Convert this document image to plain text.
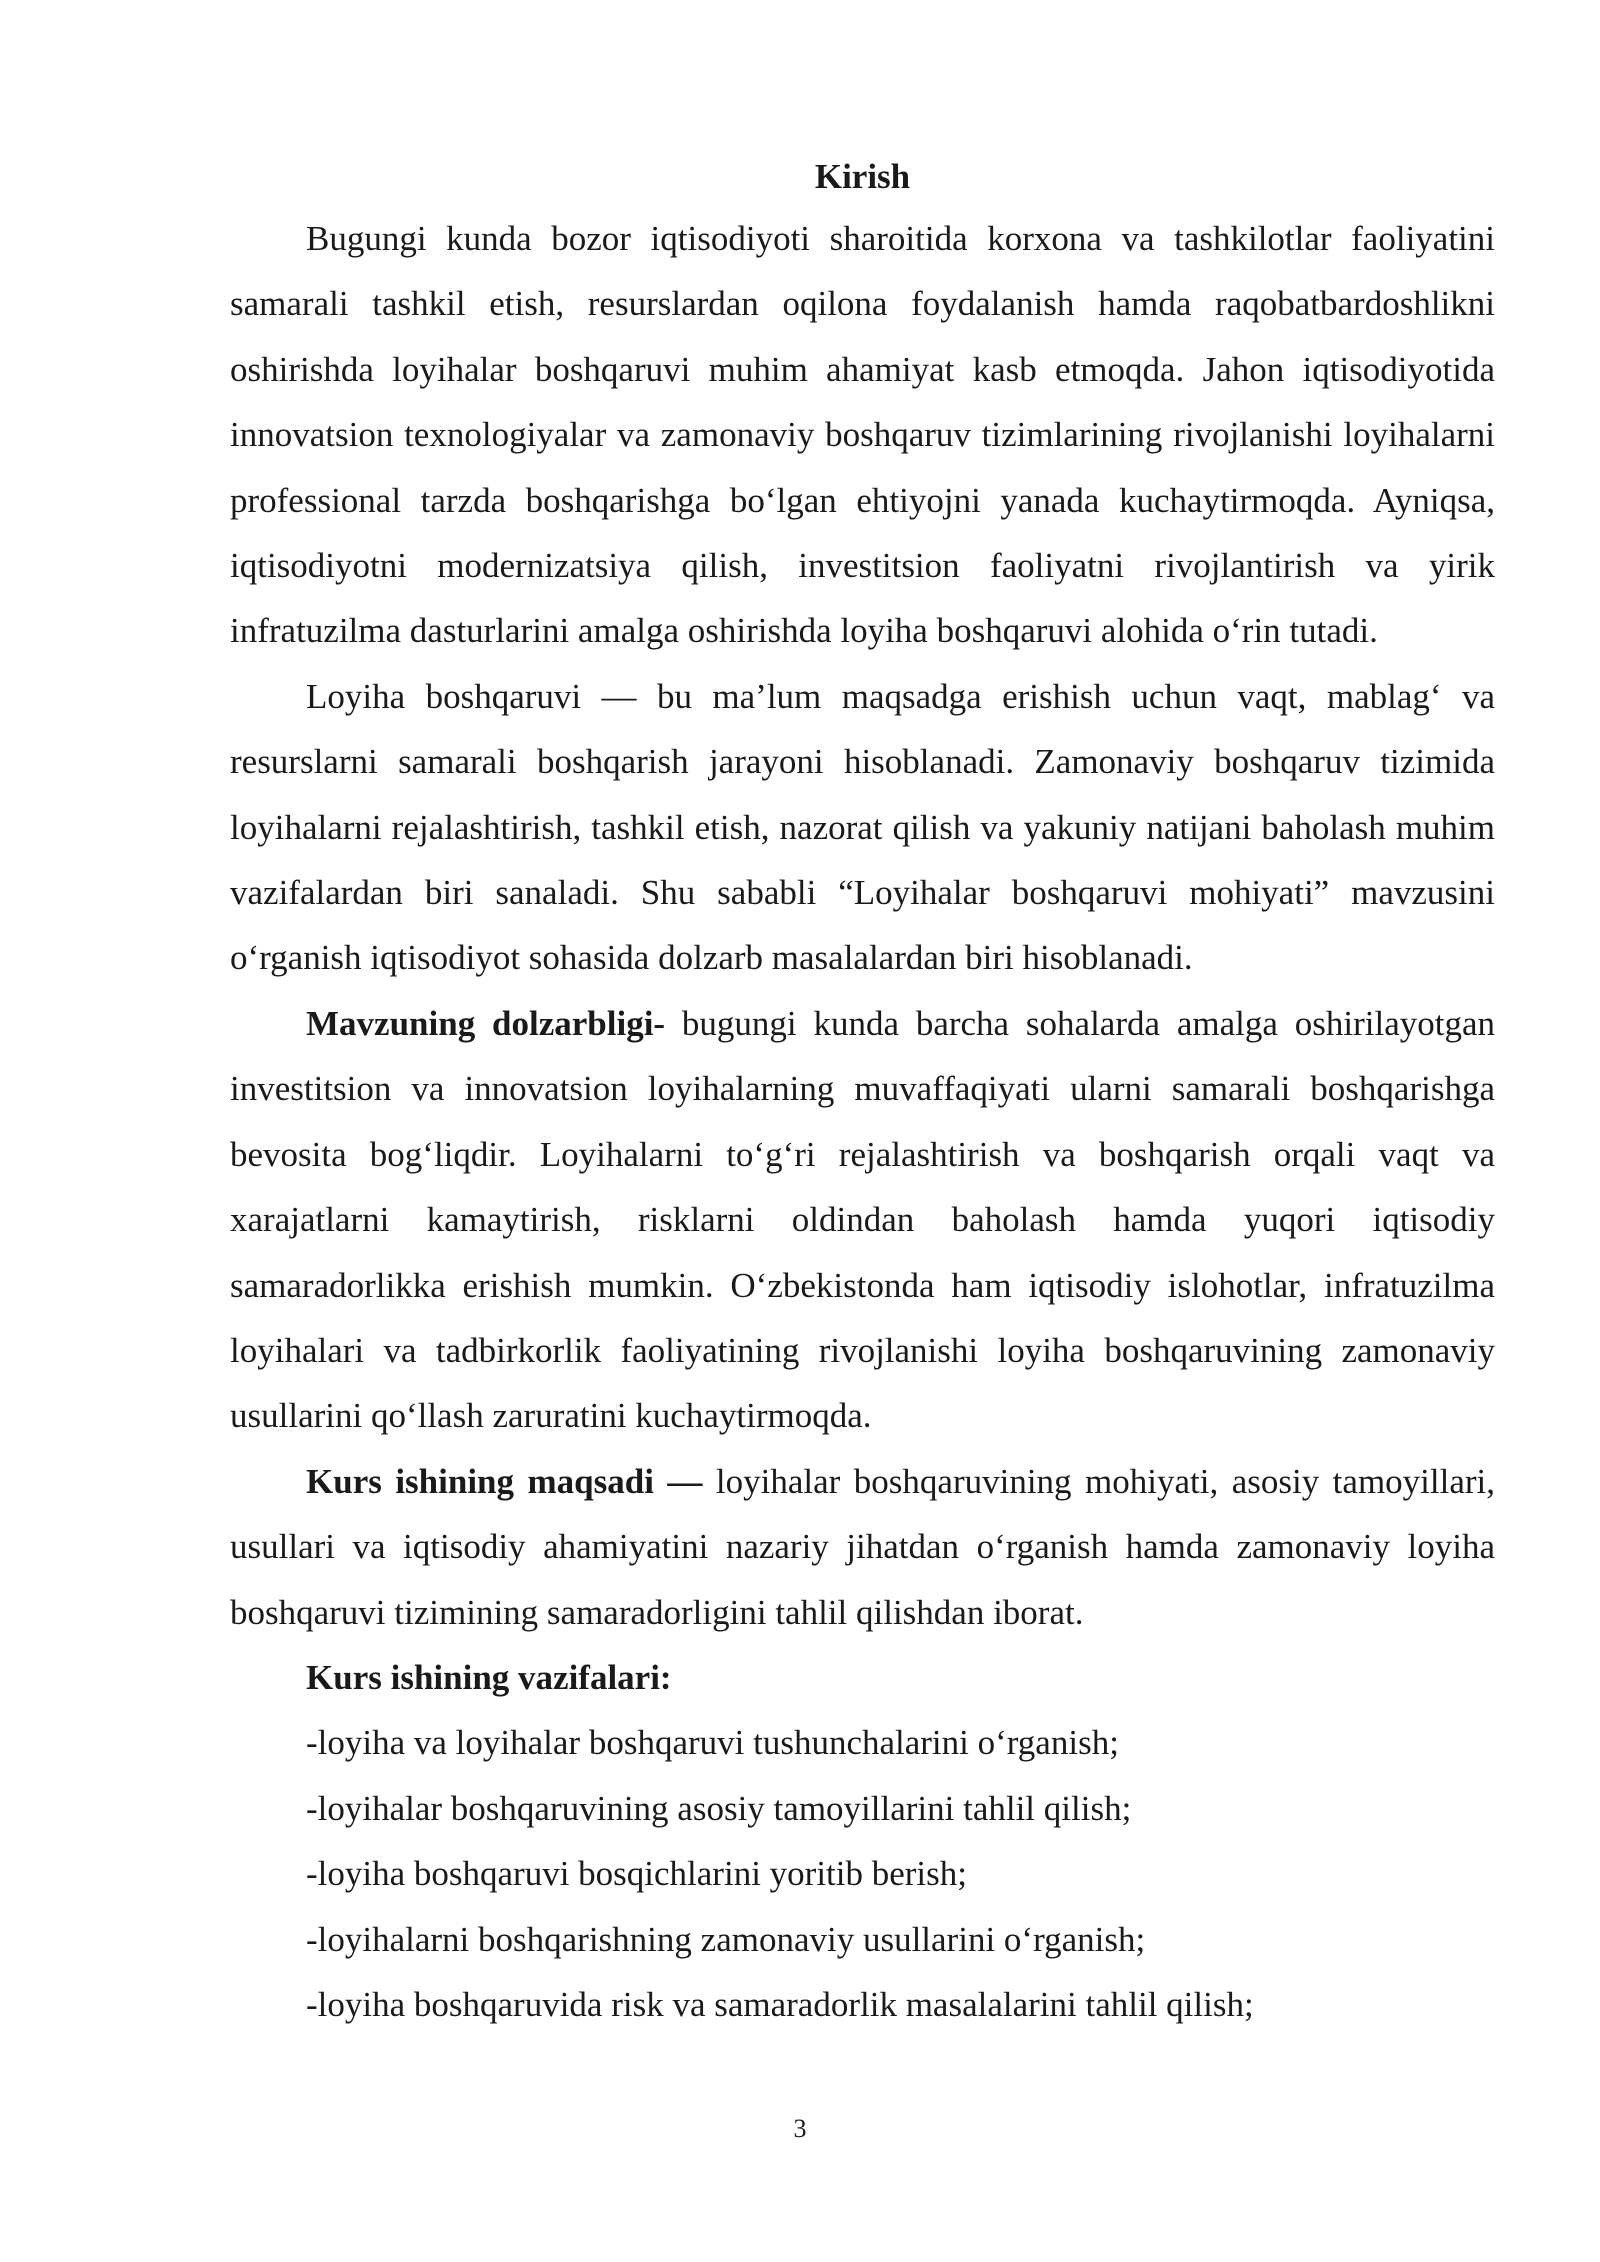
Kirish

Bugungi kunda bozor iqtisodiyoti sharoitida korxona va tashkilotlar faoliyatini samarali tashkil etish, resurslardan oqilona foydalanish hamda raqobatbardoshlikni oshirishda loyihalar boshqaruvi muhim ahamiyat kasb etmoqda. Jahon iqtisodiyotida innovatsion texnologiyalar va zamonaviy boshqaruv tizimlarining rivojlanishi loyihalarni professional tarzda boshqarishga bo‘lgan ehtiyojni yanada kuchaytirmoqda. Ayniqsa, iqtisodiyotni modernizatsiya qilish, investitsion faoliyatni rivojlantirish va yirik infratuzilma dasturlarini amalga oshirishda loyiha boshqaruvi alohida o‘rin tutadi.

Loyiha boshqaruvi — bu ma’lum maqsadga erishish uchun vaqt, mablag‘ va resurslarni samarali boshqarish jarayoni hisoblanadi. Zamonaviy boshqaruv tizimida loyihalarni rejalashtirish, tashkil etish, nazorat qilish va yakuniy natijani baholash muhim vazifalardan biri sanaladi. Shu sababli “Loyihalar boshqaruvi mohiyati” mavzusini o‘rganish iqtisodiyot sohasida dolzarb masalalardan biri hisoblanadi.

Mavzuning dolzarbligi- bugungi kunda barcha sohalarda amalga oshirilayotgan investitsion va innovatsion loyihalarning muvaffaqiyati ularni samarali boshqarishga bevosita bog‘liqdir. Loyihalarni to‘g‘ri rejalashtirish va boshqarish orqali vaqt va xarajatlarni kamaytirish, risklarni oldindan baholash hamda yuqori iqtisodiy samaradorlikka erishish mumkin. O‘zbekistonda ham iqtisodiy islohotlar, infratuzilma loyihalari va tadbirkorlik faoliyatining rivojlanishi loyiha boshqaruvining zamonaviy usullarini qo‘llash zaruratini kuchaytirmoqda.

Kurs ishining maqsadi — loyihalar boshqaruvining mohiyati, asosiy tamoyillari, usullari va iqtisodiy ahamiyatini nazariy jihatdan o‘rganish hamda zamonaviy loyiha boshqaruvi tizimining samaradorligini tahlil qilishdan iborat.

Kurs ishining vazifalari:

-loyiha va loyihalar boshqaruvi tushunchalarini o‘rganish;
-loyihalar boshqaruvining asosiy tamoyillarini tahlil qilish;
-loyiha boshqaruvi bosqichlarini yoritib berish;
-loyihalarni boshqarishning zamonaviy usullarini o‘rganish;
-loyiha boshqaruvida risk va samaradorlik masalalarini tahlil qilish;
3
